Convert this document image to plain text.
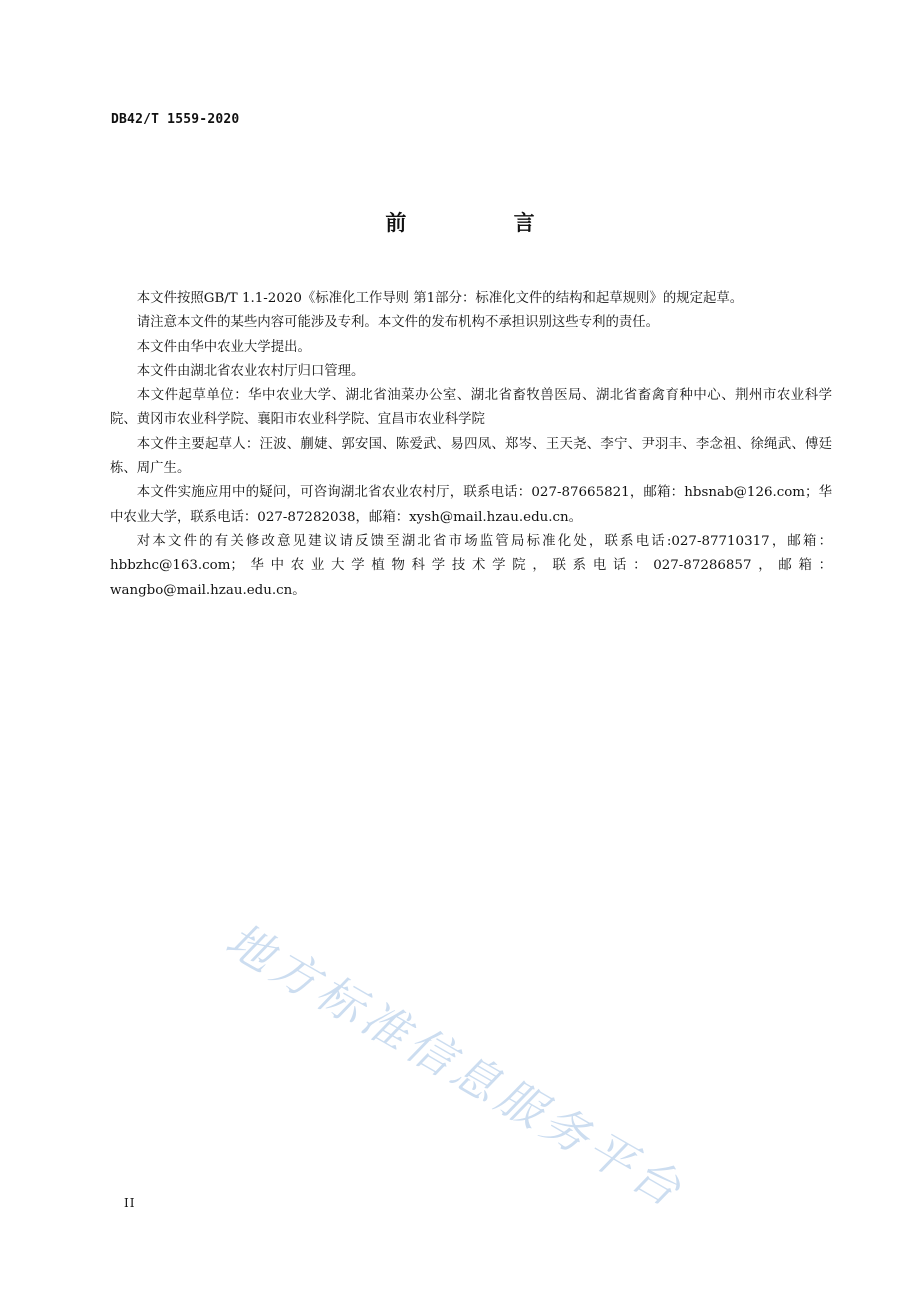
DB42/T 1559-2020
前 言

本文件按照GB/T 1.1-2020《标准化工作导则 第1部分：标准化文件的结构和起草规则》的规定起草。

请注意本文件的某些内容可能涉及专利。本文件的发布机构不承担识别这些专利的责任。

本文件由华中农业大学提出。

本文件由湖北省农业农村厅归口管理。

本文件起草单位：华中农业大学、湖北省油菜办公室、湖北省畜牧兽医局、湖北省畜禽育种中心、荆州市农业科学院、黄冈市农业科学院、襄阳市农业科学院、宜昌市农业科学院

本文件主要起草人：汪波、蒯婕、郭安国、陈爱武、易四凤、郑岑、王天尧、李宁、尹羽丰、李念祖、徐绳武、傅廷栋、周广生。

本文件实施应用中的疑问，可咨询湖北省农业农村厅，联系电话：027-87665821，邮箱：hbsnab@126.com；华中农业大学，联系电话：027-87282038，邮箱：xysh@mail.hzau.edu.cn。

对本文件的有关修改意见建议请反馈至湖北省市场监管局标准化处，联系电话:027-87710317，邮箱：hbbzhc@163.com；华中农业大学植物科学技术学院，联系电话：027-87286857，邮箱：wangbo@mail.hzau.edu.cn。

地方标准信息服务平台
II
